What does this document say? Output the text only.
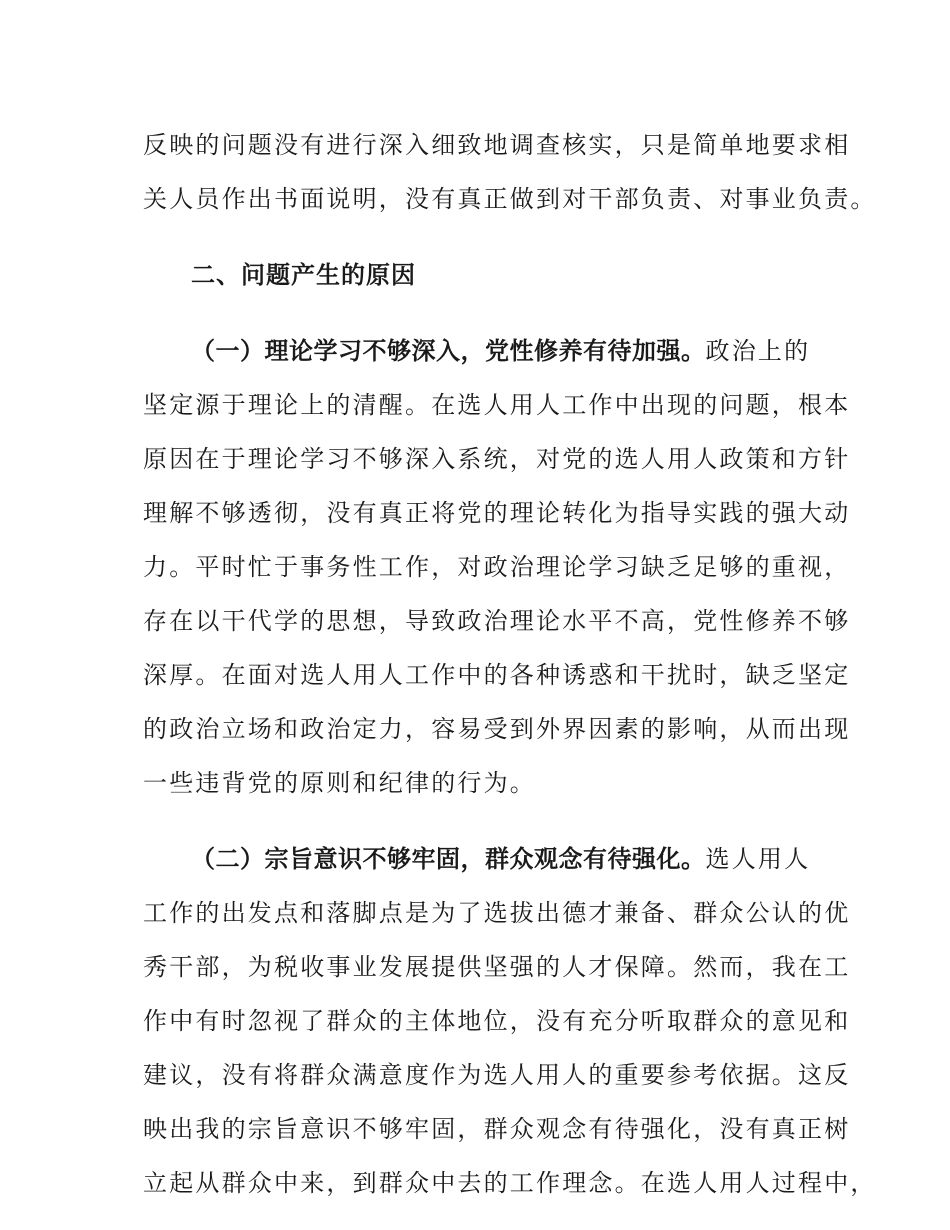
反映的问题没有进行深入细致地调查核实，只是简单地要求相
关人员作出书面说明，没有真正做到对干部负责、对事业负责。
二、问题产生的原因
（一）理论学习不够深入，党性修养有待加强。政治上的
坚定源于理论上的清醒。在选人用人工作中出现的问题，根本
原因在于理论学习不够深入系统，对党的选人用人政策和方针
理解不够透彻，没有真正将党的理论转化为指导实践的强大动
力。平时忙于事务性工作，对政治理论学习缺乏足够的重视，
存在以干代学的思想，导致政治理论水平不高，党性修养不够
深厚。在面对选人用人工作中的各种诱惑和干扰时，缺乏坚定
的政治立场和政治定力，容易受到外界因素的影响，从而出现
一些违背党的原则和纪律的行为。
（二）宗旨意识不够牢固，群众观念有待强化。选人用人
工作的出发点和落脚点是为了选拔出德才兼备、群众公认的优
秀干部，为税收事业发展提供坚强的人才保障。然而，我在工
作中有时忽视了群众的主体地位，没有充分听取群众的意见和
建议，没有将群众满意度作为选人用人的重要参考依据。这反
映出我的宗旨意识不够牢固，群众观念有待强化，没有真正树
立起从群众中来，到群众中去的工作理念。在选人用人过程中，
